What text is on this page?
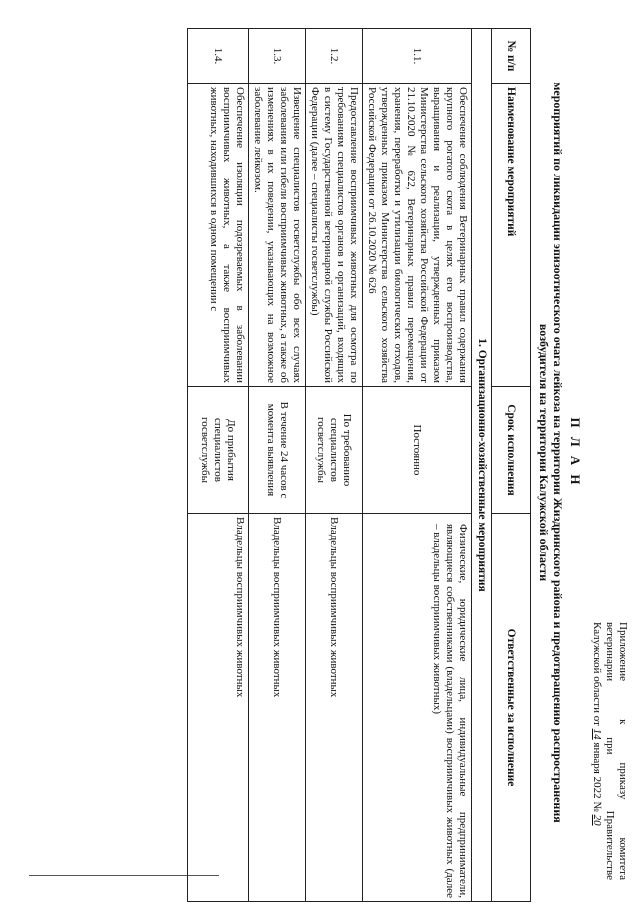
Приложение
к
приказу
комитета
ветеринарии
при
Правительстве
Калужской области от 14 января 2022 № 20
П Л А Н
мероприятий по ликвидации эпизоотического очага лейкоза на территории Жиздринского района и предотвращению распространения возбудителя на территории Калужской области
№ п/п	Наименование мероприятий	Срок исполнения	Ответственные за исполнение
1. Организационно-хозяйственные мероприятия			
1.1.	Обеспечение соблюдения Ветеринарных правил содержания крупного рогатого скота в целях его воспроизводства, выращивания и реализации, утвержденных приказом Министерства сельского хозяйства Российской Федерации от 21.10.2020 № 622, Ветеринарных правил перемещения, хранения, переработки и утилизации биологических отходов, утвержденных приказом Министерства сельского хозяйства Российской Федерации от 26.10.2020 № 626	Постоянно	Физические, юридические лица, индивидуальные предприниматели, являющиеся собственниками (владельцами) восприимчивых животных (далее – владельцы восприимчивых животных)
1.2.	Предоставление восприимчивых животных для осмотра по требованиям специалистов органов и организаций, входящих в систему Государственной ветеринарной службы Российской Федерации (далее – специалисты госветслужбы)	По требованию специалистов госветслужбы	Владельцы восприимчивых животных
1.3.	Извещение специалистов госветслужбы обо всех случаях заболевания или гибели восприимчивых животных, а также об изменениях в их поведении, указывающих на возможное заболевание лейкозом.	В течение 24 часов с момента выявления	Владельцы восприимчивых животных
1.4.	Обеспечение изоляции подозреваемых в заболевании восприимчивых животных, а также восприимчивых животных, находившихся в одном помещении с	До прибытия специалистов госветслужбы	Владельцы восприимчивых животных
